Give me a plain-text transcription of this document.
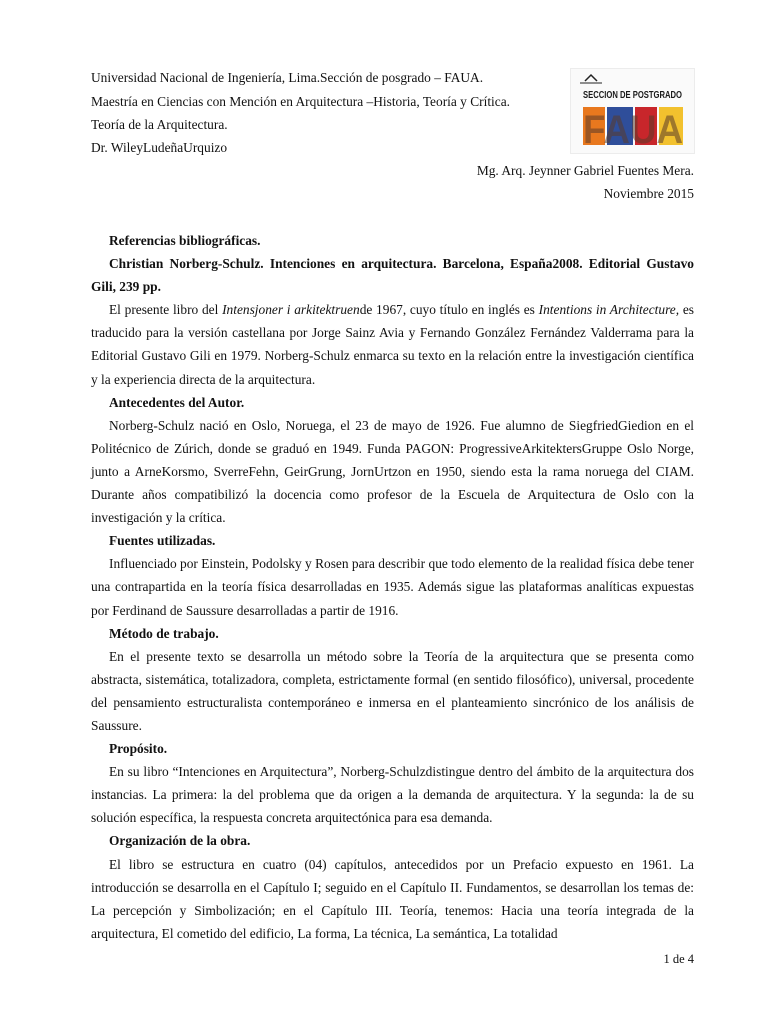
Universidad Nacional de Ingeniería, Lima.Sección de posgrado – FAUA.
Maestría en Ciencias con Mención en Arquitectura –Historia, Teoría y Crítica.
Teoría de la Arquitectura.
Dr. WileyLudeñaUrquizo
SECCION DE POSTGRADO
FAUA
Mg. Arq. Jeynner Gabriel Fuentes Mera.
Noviembre 2015

Referencias bibliográficas.

Christian Norberg-Schulz. Intenciones en arquitectura. Barcelona, España2008. Editorial Gustavo Gili, 239 pp.

El presente libro del Intensjoner i arkitektruende 1967, cuyo título en inglés es Intentions in Architecture, es traducido para la versión castellana por Jorge Sainz Avia y Fernando González Fernández Valderrama para la Editorial Gustavo Gili en 1979. Norberg-Schulz enmarca su texto en la relación entre la investigación científica y la experiencia directa de la arquitectura.

Antecedentes del Autor.

Norberg-Schulz nació en Oslo, Noruega, el 23 de mayo de 1926. Fue alumno de SiegfriedGiedion en el Politécnico de Zúrich, donde se graduó en 1949. Funda PAGON: ProgressiveArkitektersGruppe Oslo Norge, junto a ArneKorsmo, SverreFehn, GeirGrung, JornUrtzon en 1950, siendo esta la rama noruega del CIAM. Durante años compatibilizó la docencia como profesor de la Escuela de Arquitectura de Oslo con la investigación y la crítica.

Fuentes utilizadas.

Influenciado por Einstein, Podolsky y Rosen para describir que todo elemento de la realidad física debe tener una contrapartida en la teoría física desarrolladas en 1935. Además sigue las plataformas analíticas expuestas por Ferdinand de Saussure desarrolladas a partir de 1916.

Método de trabajo.

En el presente texto se desarrolla un método sobre la Teoría de la arquitectura que se presenta como abstracta, sistemática, totalizadora, completa, estrictamente formal (en sentido filosófico), universal, procedente del pensamiento estructuralista contemporáneo e inmersa en el planteamiento sincrónico de los análisis de Saussure.

Propósito.

En su libro “Intenciones en Arquitectura”, Norberg-Schulzdistingue dentro del ámbito de la arquitectura dos instancias. La primera: la del problema que da origen a la demanda de arquitectura. Y la segunda: la de su solución específica, la respuesta concreta arquitectónica para esa demanda.

Organización de la obra.

El libro se estructura en cuatro (04) capítulos, antecedidos por un Prefacio expuesto en 1961. La introducción se desarrolla en el Capítulo I; seguido en el Capítulo II. Fundamentos, se desarrollan los temas de: La percepción y Simbolización; en el Capítulo III. Teoría, tenemos: Hacia una teoría integrada de la arquitectura, El cometido del edificio, La forma, La técnica, La semántica, La totalidad

1 de 4
